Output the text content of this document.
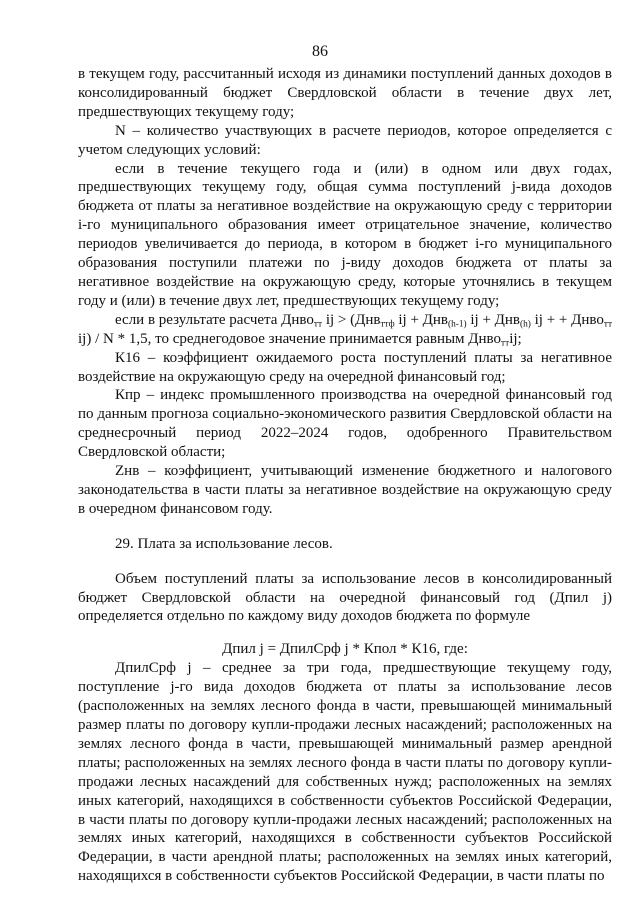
86

в текущем году, рассчитанный исходя из динамики поступлений данных доходов в консолидированный бюджет Свердловской области в течение двух лет, предшествующих текущему году;

N – количество участвующих в расчете периодов, которое определяется с учетом следующих условий:

если в течение текущего года и (или) в одном или двух годах, предшествующих текущему году, общая сумма поступлений j-вида доходов бюджета от платы за негативное воздействие на окружающую среду с территории i-го муниципального образования имеет отрицательное значение, количество периодов увеличивается до периода, в котором в бюджет i-го муниципального образования поступили платежи по j-виду доходов бюджета от платы за негативное воздействие на окружающую среду, которые уточнялись в текущем году и (или) в течение двух лет, предшествующих текущему году;

если в результате расчета Днво$_{тт}$ ij > (Днв$_{ттф}$ ij + Днв$_{(h-1)}$ ij + Днв$_{(h)}$ ij + + Днво$_{тт}$ ij) / N * 1,5, то среднегодовое значение принимается равным Днво$_{тт}$ij;

К16 – коэффициент ожидаемого роста поступлений платы за негативное воздействие на окружающую среду на очередной финансовый год;

Кпр – индекс промышленного производства на очередной финансовый год по данным прогноза социально-экономического развития Свердловской области на среднесрочный период 2022–2024 годов, одобренного Правительством Свердловской области;

Zнв – коэффициент, учитывающий изменение бюджетного и налогового законодательства в части платы за негативное воздействие на окружающую среду в очередном финансовом году.

29. Плата за использование лесов.

Объем поступлений платы за использование лесов в консолидированный бюджет Свердловской области на очередной финансовый год (Дпил j) определяется отдельно по каждому виду доходов бюджета по формуле

Дпил j = ДпилСрф j * Кпол * К16, где:

ДпилСрф j – среднее за три года, предшествующие текущему году, поступление j-го вида доходов бюджета от платы за использование лесов (расположенных на землях лесного фонда в части, превышающей минимальный размер платы по договору купли-продажи лесных насаждений; расположенных на землях лесного фонда в части, превышающей минимальный размер арендной платы; расположенных на землях лесного фонда в части платы по договору купли-продажи лесных насаждений для собственных нужд; расположенных на землях иных категорий, находящихся в собственности субъектов Российской Федерации, в части платы по договору купли-продажи лесных насаждений; расположенных на землях иных категорий, находящихся в собственности субъектов Российской Федерации, в части арендной платы; расположенных на землях иных категорий, находящихся в собственности субъектов Российской Федерации, в части платы по
